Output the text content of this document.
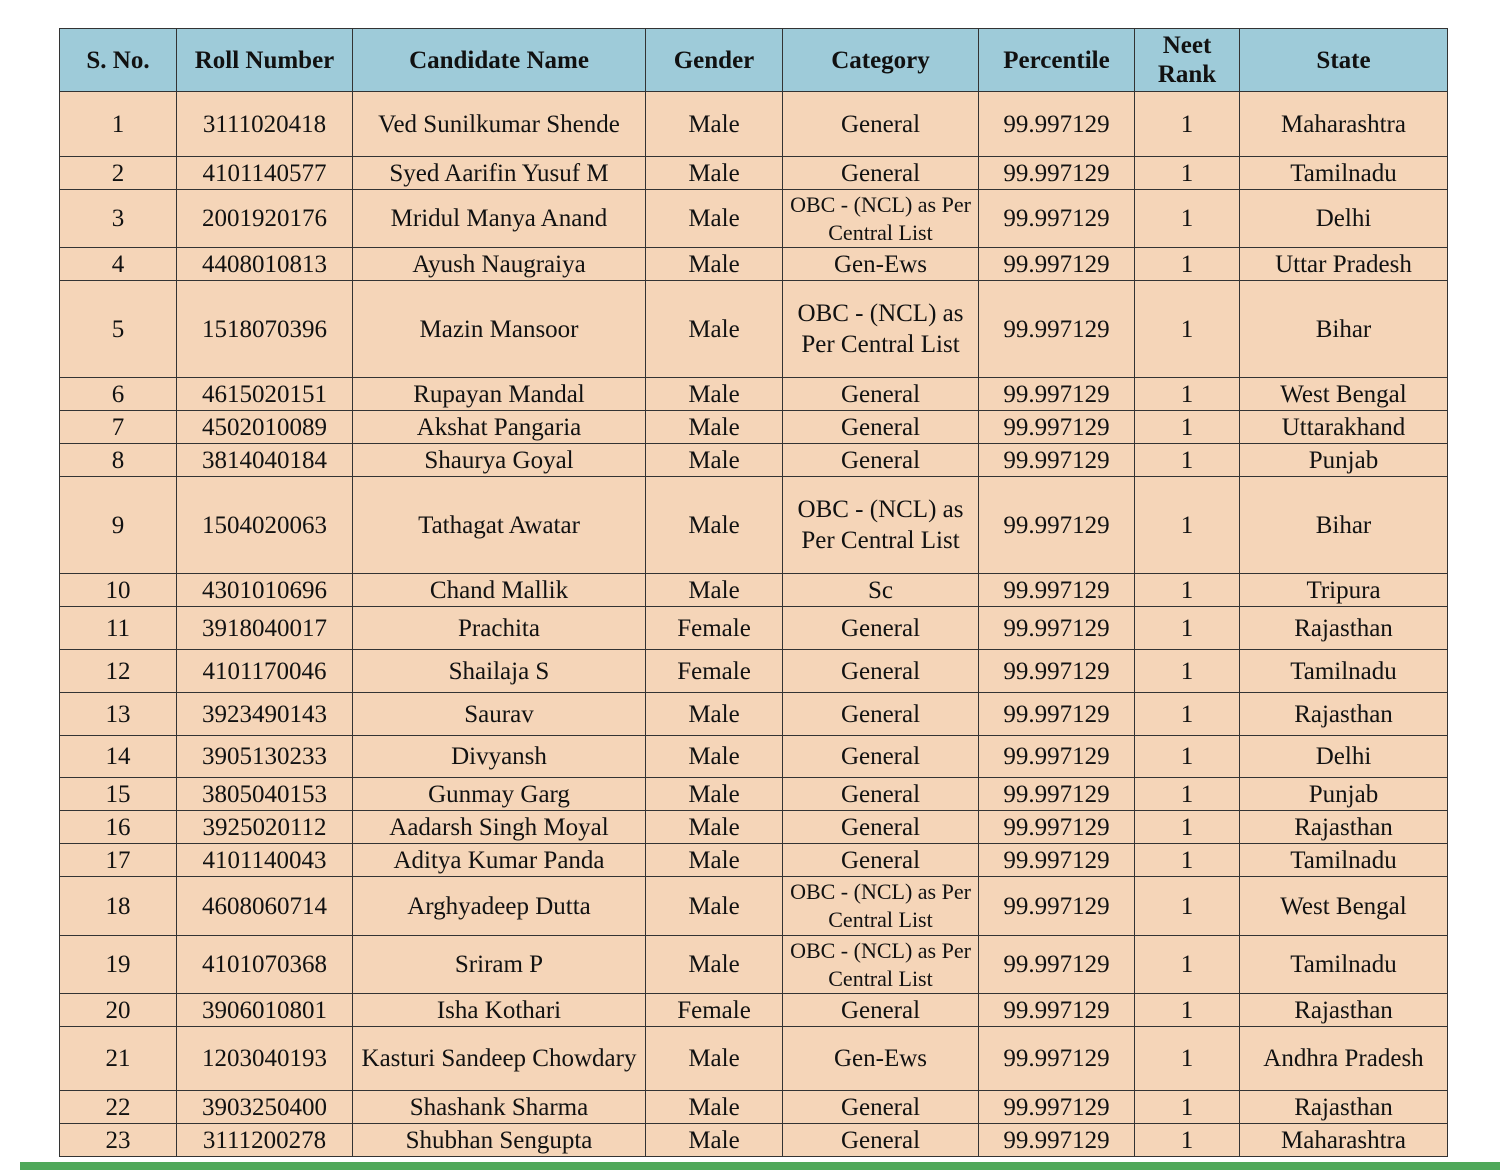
S. No.	Roll Number	Candidate Name	Gender	Category	Percentile	Neet Rank	State
1	3111020418	Ved Sunilkumar Shende	Male	General	99.997129	1	Maharashtra
2	4101140577	Syed Aarifin Yusuf M	Male	General	99.997129	1	Tamilnadu
3	2001920176	Mridul Manya Anand	Male	OBC - (NCL) as Per Central List	99.997129	1	Delhi
4	4408010813	Ayush Naugraiya	Male	Gen-Ews	99.997129	1	Uttar Pradesh
5	1518070396	Mazin Mansoor	Male	OBC - (NCL) as Per Central List	99.997129	1	Bihar
6	4615020151	Rupayan Mandal	Male	General	99.997129	1	West Bengal
7	4502010089	Akshat Pangaria	Male	General	99.997129	1	Uttarakhand
8	3814040184	Shaurya Goyal	Male	General	99.997129	1	Punjab
9	1504020063	Tathagat Awatar	Male	OBC - (NCL) as Per Central List	99.997129	1	Bihar
10	4301010696	Chand Mallik	Male	Sc	99.997129	1	Tripura
11	3918040017	Prachita	Female	General	99.997129	1	Rajasthan
12	4101170046	Shailaja S	Female	General	99.997129	1	Tamilnadu
13	3923490143	Saurav	Male	General	99.997129	1	Rajasthan
14	3905130233	Divyansh	Male	General	99.997129	1	Delhi
15	3805040153	Gunmay Garg	Male	General	99.997129	1	Punjab
16	3925020112	Aadarsh Singh Moyal	Male	General	99.997129	1	Rajasthan
17	4101140043	Aditya Kumar Panda	Male	General	99.997129	1	Tamilnadu
18	4608060714	Arghyadeep Dutta	Male	OBC - (NCL) as Per Central List	99.997129	1	West Bengal
19	4101070368	Sriram P	Male	OBC - (NCL) as Per Central List	99.997129	1	Tamilnadu
20	3906010801	Isha Kothari	Female	General	99.997129	1	Rajasthan
21	1203040193	Kasturi Sandeep Chowdary	Male	Gen-Ews	99.997129	1	Andhra Pradesh
22	3903250400	Shashank Sharma	Male	General	99.997129	1	Rajasthan
23	3111200278	Shubhan Sengupta	Male	General	99.997129	1	Maharashtra
